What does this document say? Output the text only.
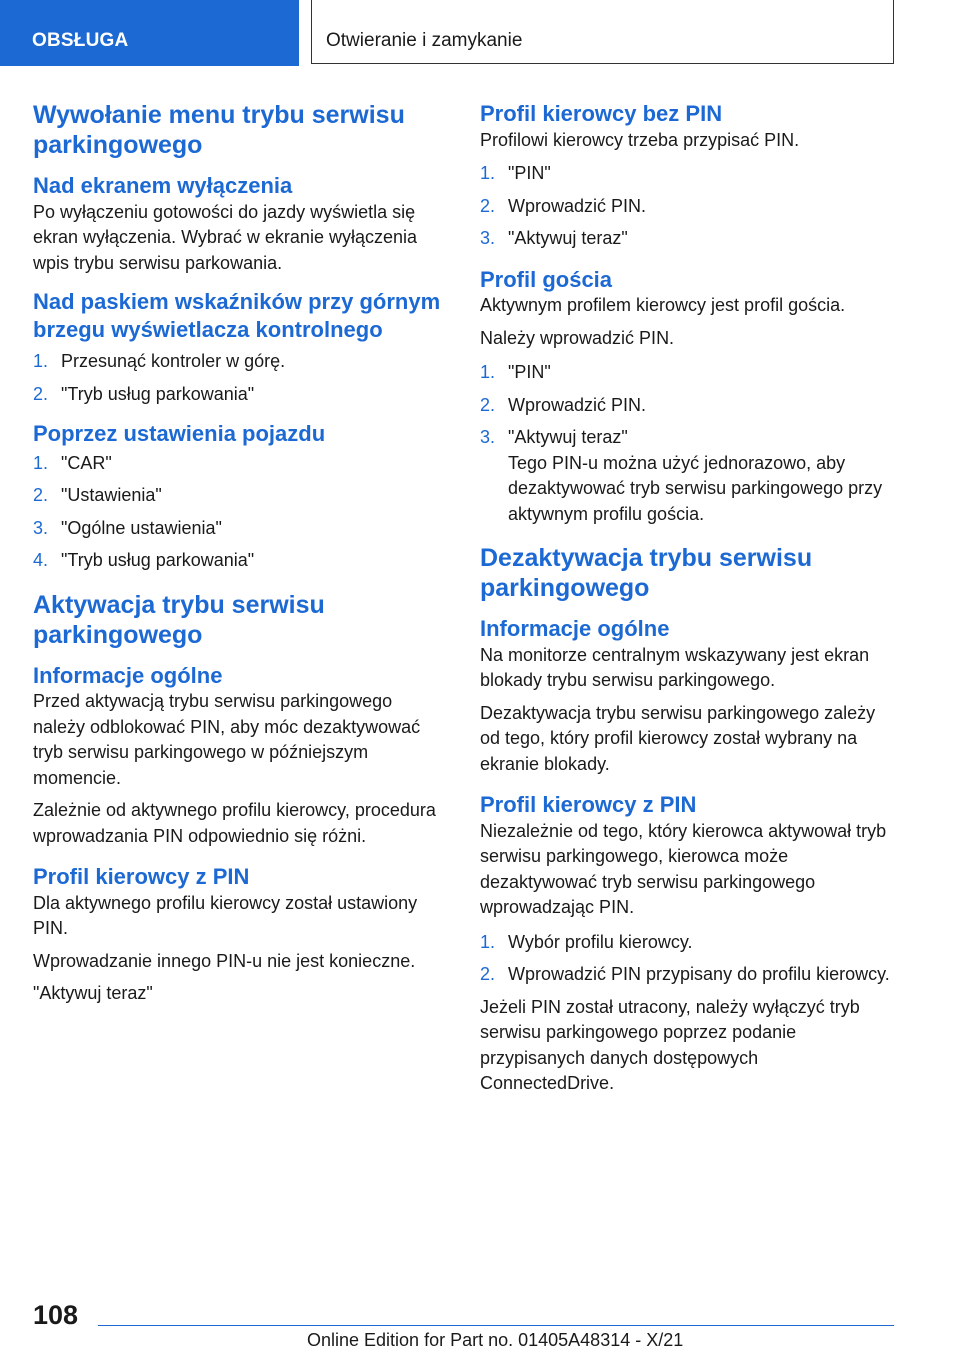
OBSŁUGA	Otwieranie i zamykanie
Wywołanie menu trybu serwisu parkingowego
Nad ekranem wyłączenia

Po wyłączeniu gotowości do jazdy wyświetla się ekran wyłączenia. Wybrać w ekranie wyłączenia wpis trybu serwisu parkowania.

Nad paskiem wskaźników przy górnym brzegu wyświetlacza kontrolnego
1. Przesunąć kontroler w górę.
2. "Tryb usług parkowania"
Poprzez ustawienia pojazdu
1. "CAR"
2. "Ustawienia"
3. "Ogólne ustawienia"
4. "Tryb usług parkowania"
Aktywacja trybu serwisu parkingowego
Informacje ogólne

Przed aktywacją trybu serwisu parkingowego należy odblokować PIN, aby móc dezaktywować tryb serwisu parkingowego w późniejszym momencie.

Zależnie od aktywnego profilu kierowcy, procedura wprowadzania PIN odpowiednio się różni.

Profil kierowcy z PIN

Dla aktywnego profilu kierowcy został ustawiony PIN.

Wprowadzanie innego PIN-u nie jest konieczne.

"Aktywuj teraz"

Profil kierowcy bez PIN

Profilowi kierowcy trzeba przypisać PIN.

1. "PIN"
2. Wprowadzić PIN.
3. "Aktywuj teraz"
Profil gościa

Aktywnym profilem kierowcy jest profil gościa.

Należy wprowadzić PIN.

1. "PIN"
2. Wprowadzić PIN.
3. "Aktywuj teraz"

Tego PIN-u można użyć jednorazowo, aby dezaktywować tryb serwisu parkingowego przy aktywnym profilu gościa.

Dezaktywacja trybu serwisu parkingowego
Informacje ogólne

Na monitorze centralnym wskazywany jest ekran blokady trybu serwisu parkingowego.

Dezaktywacja trybu serwisu parkingowego zależy od tego, który profil kierowcy został wybrany na ekranie blokady.

Profil kierowcy z PIN

Niezależnie od tego, który kierowca aktywował tryb serwisu parkingowego, kierowca może dezaktywować tryb serwisu parkingowego wprowadzając PIN.

1. Wybór profilu kierowcy.
2. Wprowadzić PIN przypisany do profilu kierowcy.

Jeżeli PIN został utracony, należy wyłączyć tryb serwisu parkingowego poprzez podanie przypisanych danych dostępowych ConnectedDrive.

108
Online Edition for Part no. 01405A48314 - X/21
